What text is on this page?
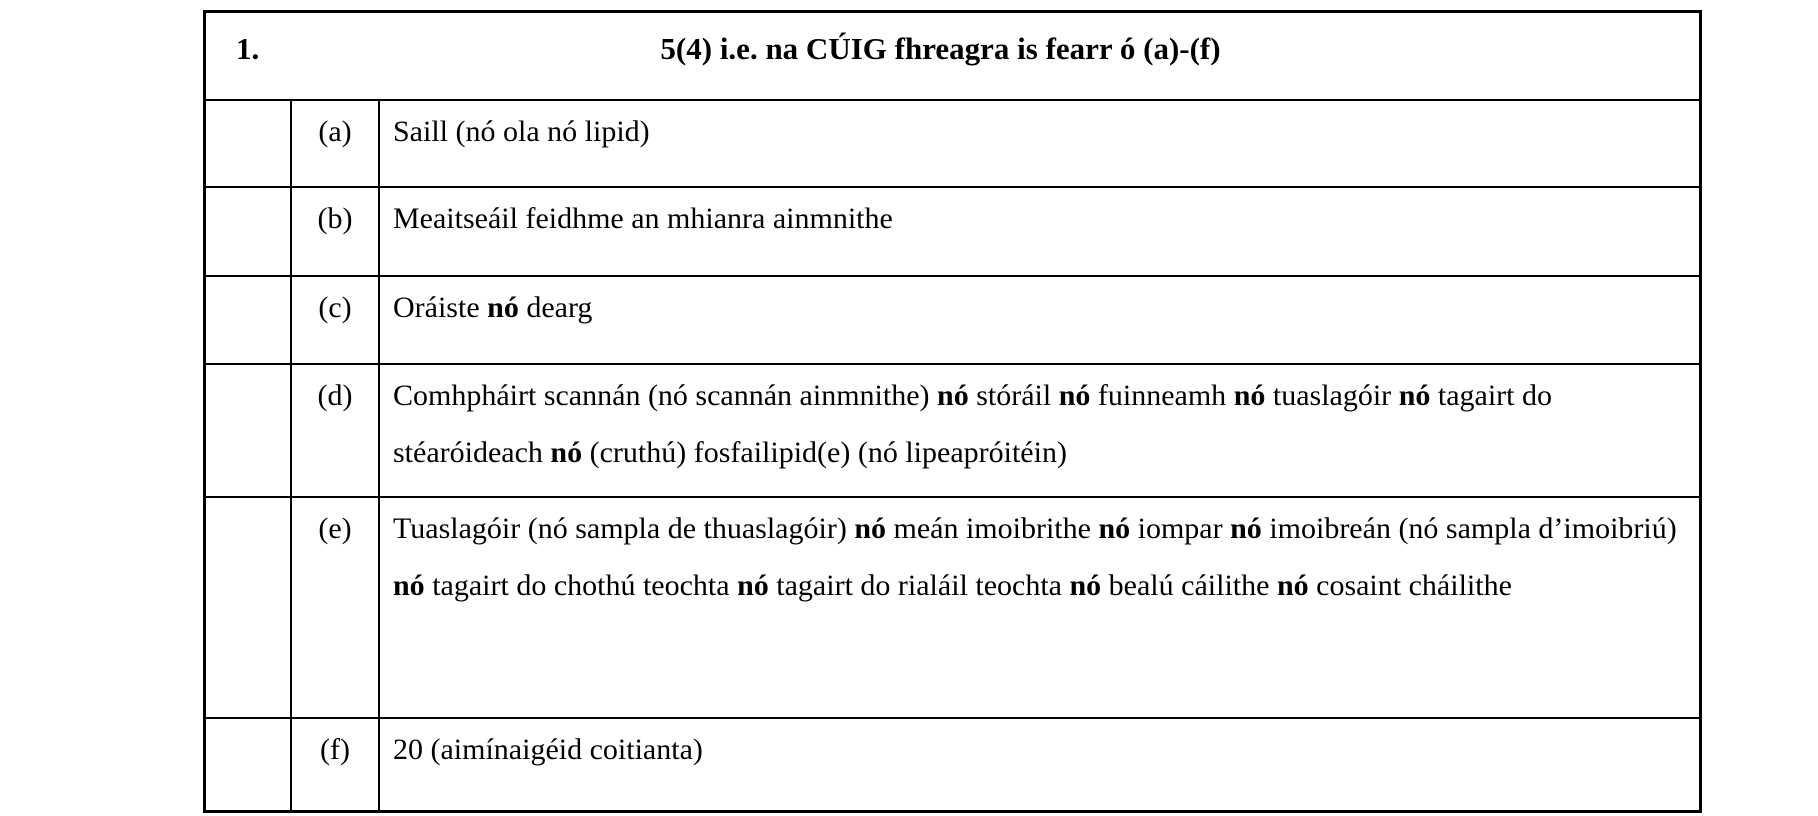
1.	5(4) i.e. na CÚIG fhreagra is fearr ó (a)-(f)
(a)	Saill (nó ola nó lipid)
(b)	Meaitseáil feidhme an mhianra ainmnithe
(c)	Oráiste nó dearg
(d)	Comhpháirt scannán (nó scannán ainmnithe) nó stóráil nó fuinneamh nó tuaslagóir nó tagairt do stéaróideach nó (cruthú) fosfailipid(e) (nó lipeapróitéin)
(e)	Tuaslagóir (nó sampla de thuaslagóir) nó meán imoibrithe nó iompar nó imoibreán (nó sampla d’imoibriú) nó tagairt do chothú teochta nó tagairt do rialáil teochta nó bealú cáilithe nó cosaint cháilithe
(f)	20 (aimínaigéid coitianta)
